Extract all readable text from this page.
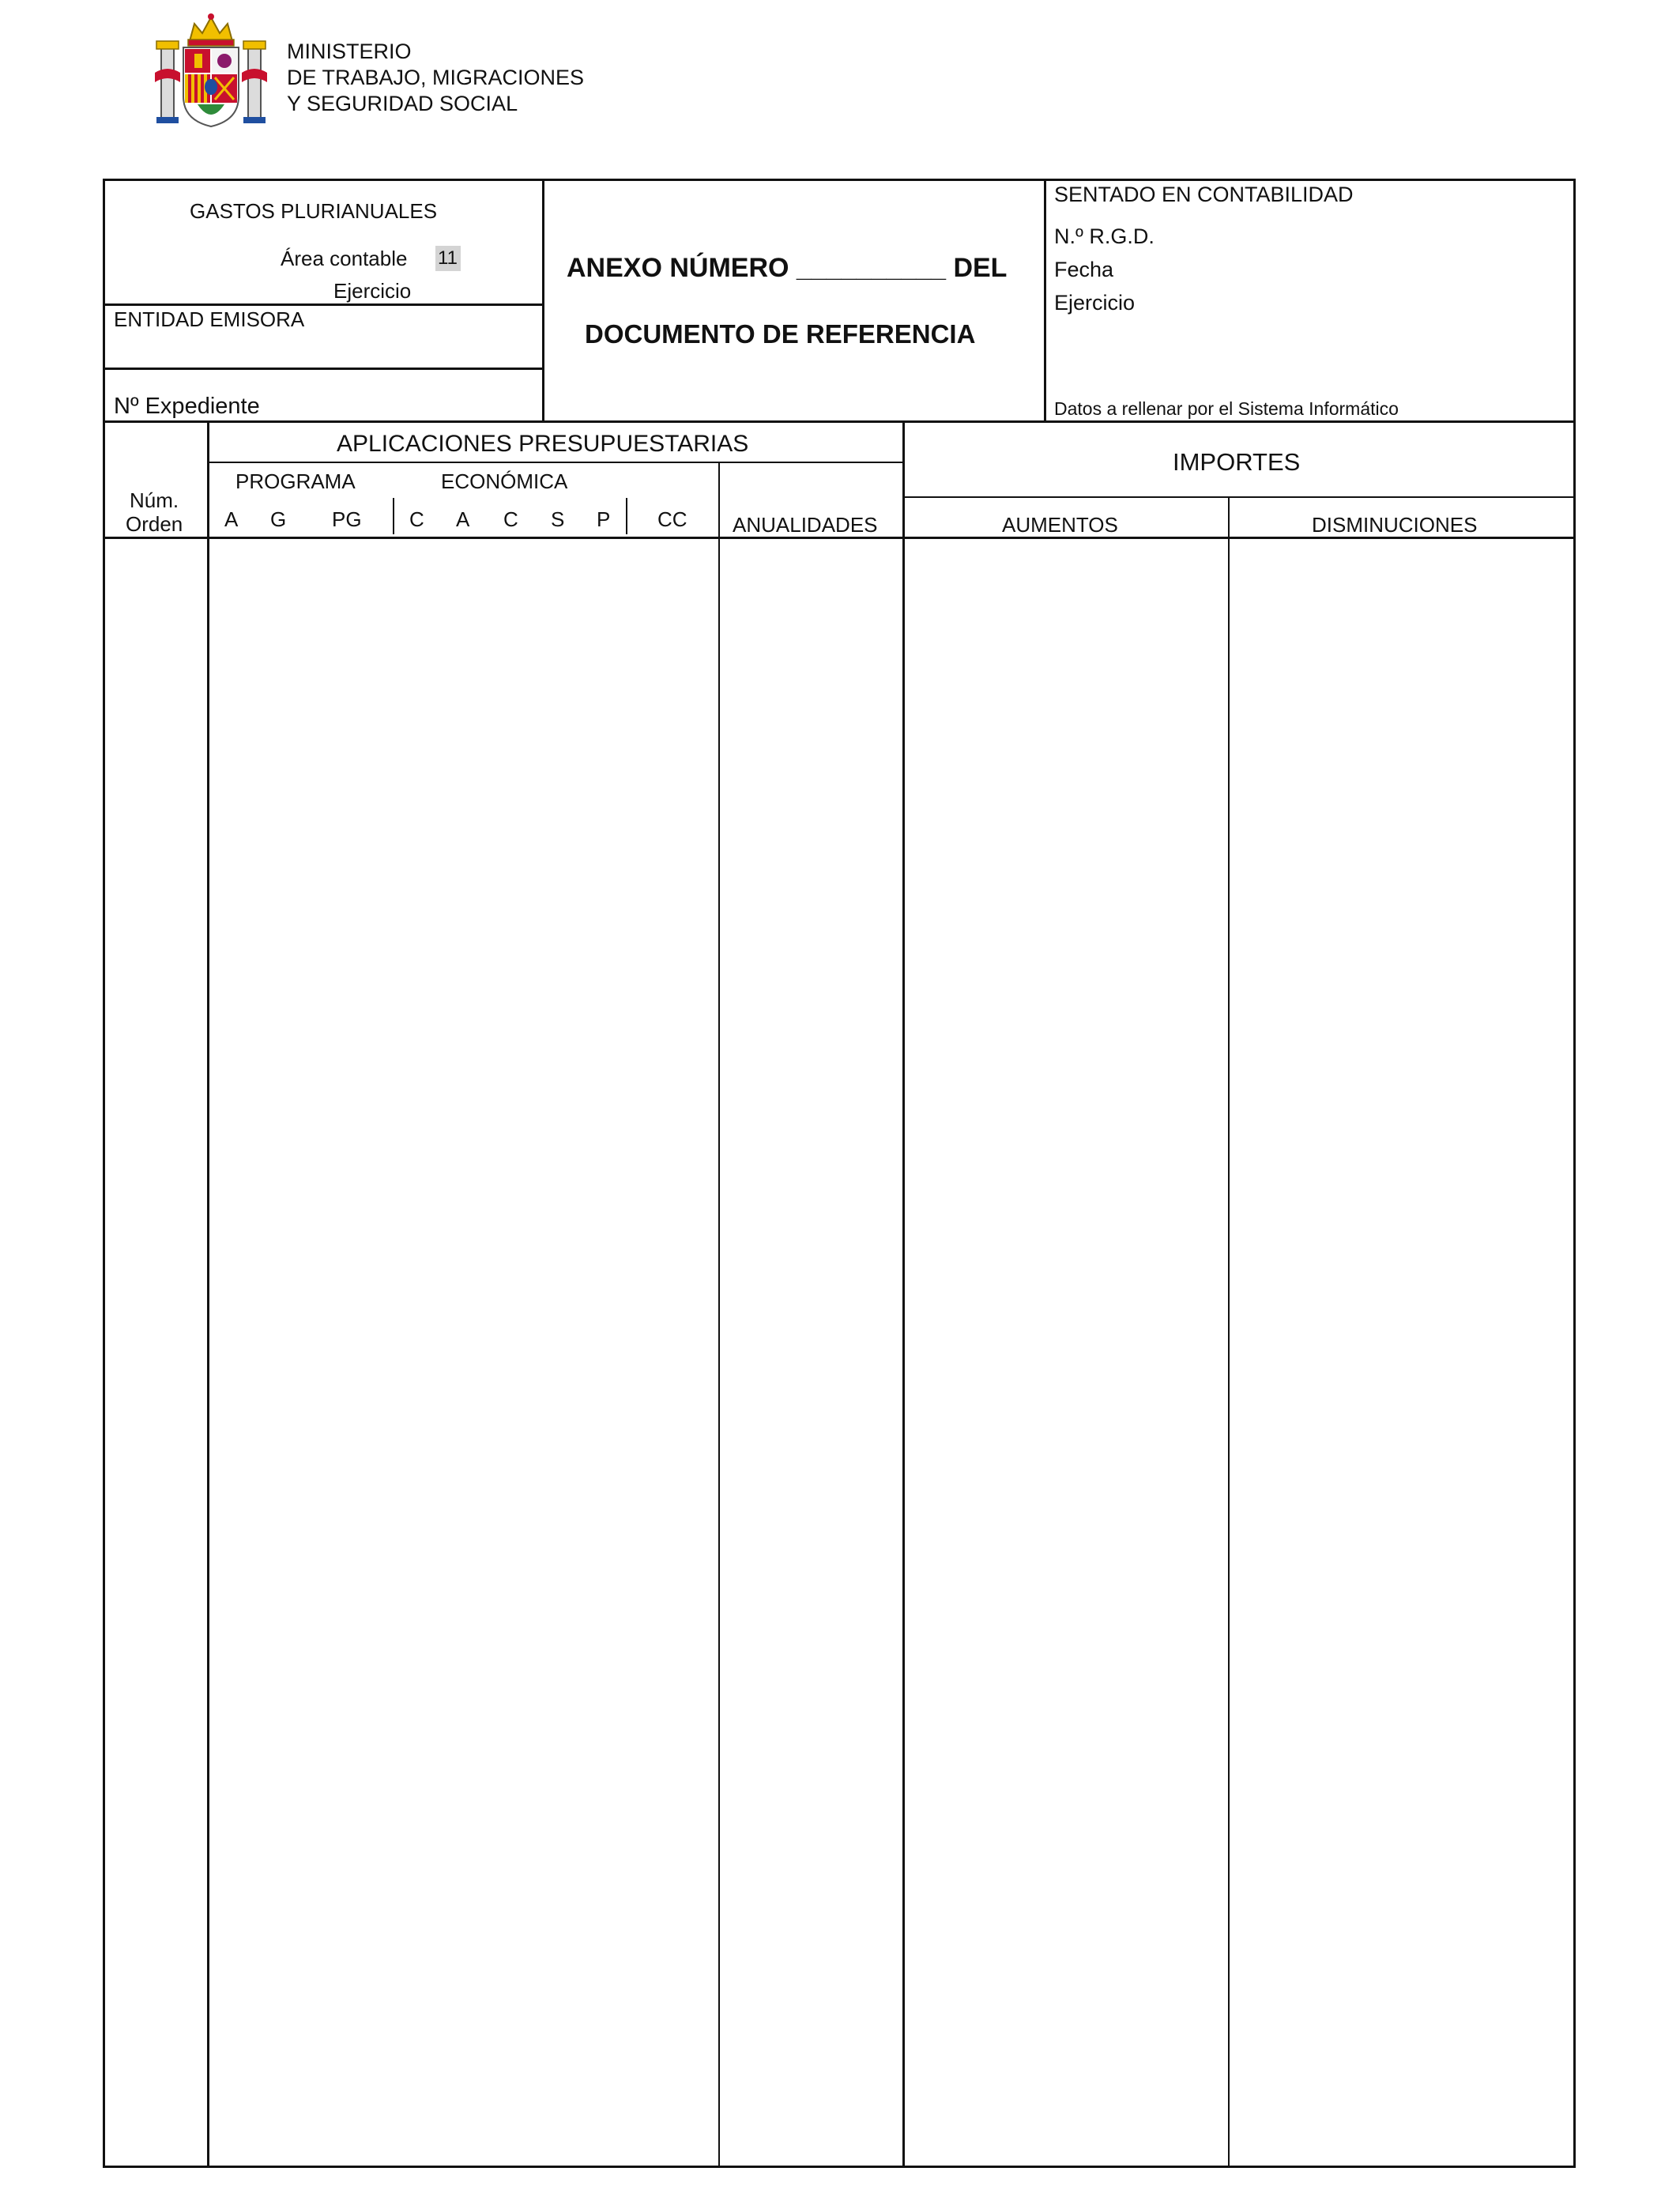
MINISTERIO
DE TRABAJO, MIGRACIONES
Y SEGURIDAD SOCIAL
GASTOS PLURIANUALES
Área contable 11
Ejercicio
ENTIDAD EMISORA
Nº Expediente
ANEXO NÚMERO __________ DEL
DOCUMENTO DE REFERENCIA
SENTADO EN CONTABILIDAD
N.º R.G.D.
Fecha
Ejercicio
Datos a rellenar por el Sistema Informático
Núm.
Orden
APLICACIONES PRESUPUESTARIAS
PROGRAMA	ECONÓMICA
A G PG C A C S P CC ANUALIDADES
IMPORTES
AUMENTOS	DISMINUCIONES
